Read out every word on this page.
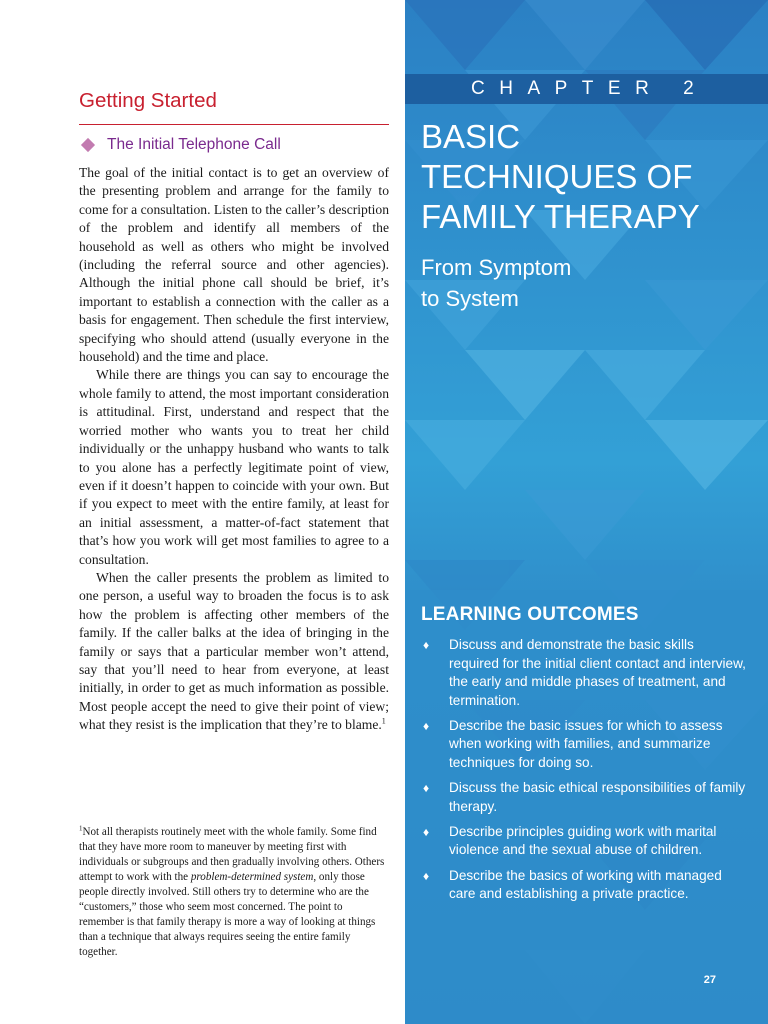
Getting Started
The Initial Telephone Call

The goal of the initial contact is to get an overview of the presenting problem and arrange for the family to come for a consultation. Listen to the caller’s description of the problem and identify all members of the household as well as others who might be involved (including the referral source and other agencies). Although the initial phone call should be brief, it’s important to establish a connection with the caller as a basis for engagement. Then schedule the first interview, specifying who should attend (usually everyone in the household) and the time and place.

While there are things you can say to encourage the whole family to attend, the most important consideration is attitudinal. First, understand and respect that the worried mother who wants you to treat her child individually or the unhappy husband who wants to talk to you alone has a perfectly legitimate point of view, even if it doesn’t happen to coincide with your own. But if you expect to meet with the entire family, at least for an initial assessment, a matter-of-fact statement that that’s how you work will get most families to agree to a consultation.

When the caller presents the problem as limited to one person, a useful way to broaden the focus is to ask how the problem is affecting other members of the family. If the caller balks at the idea of bringing in the family or says that a particular member won’t attend, say that you’ll need to hear from everyone, at least initially, in order to get as much information as possible. Most people accept the need to give their point of view; what they resist is the implication that they’re to blame.$^1$

$^1$Not all therapists routinely meet with the whole family. Some find that they have more room to maneuver by meeting first with individuals or subgroups and then gradually involving others. Others attempt to work with the problem-determined system, only those people directly involved. Still others try to determine who are the “customers,” those who seem most concerned. The point to remember is that family therapy is more a way of looking at things than a technique that always requires seeing the entire family together.

CHAPTER 2
BASIC
TECHNIQUES OF
FAMILY THERAPY
From Symptom
to System
LEARNING OUTCOMES
♦	Discuss and demonstrate the basic skills required for the initial client contact and interview, the early and middle phases of treatment, and termination.
♦	Describe the basic issues for which to assess when working with families, and summarize techniques for doing so.
♦	Discuss the basic ethical responsibilities of family therapy.
♦	Describe principles guiding work with marital violence and the sexual abuse of children.
♦	Describe the basics of working with managed care and establishing a private practice.
27
